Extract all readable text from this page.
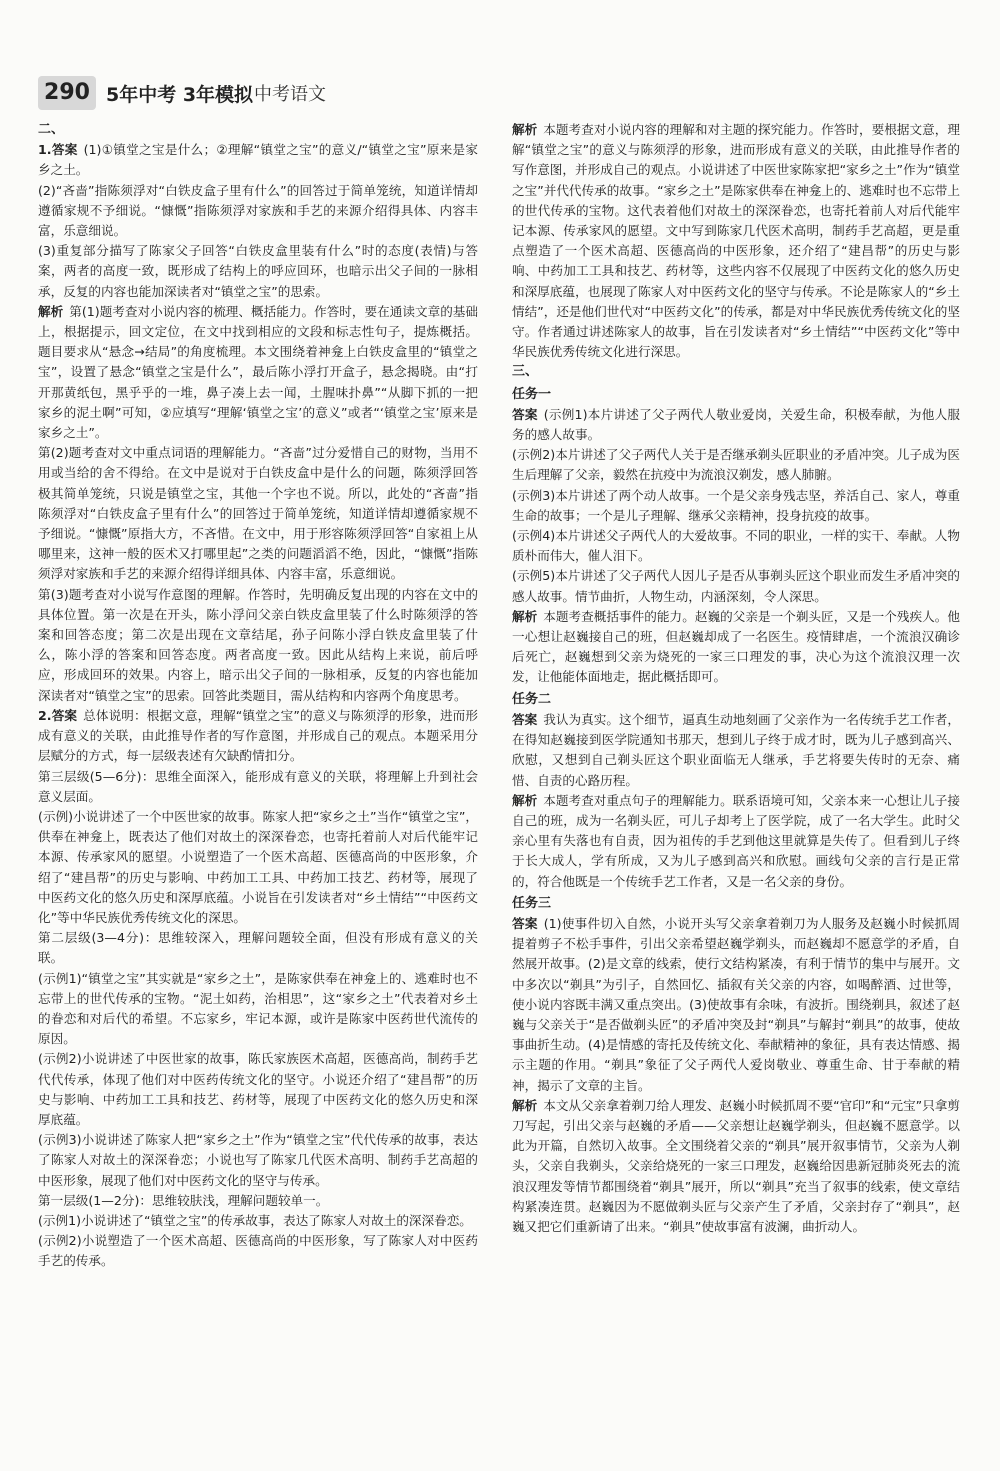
290 5年中考 3年模拟 中考语文

二、

1.答案 (1)①镇堂之宝是什么；②理解“镇堂之宝”的意义/“镇堂之宝”原来是家乡之土。

(2)“吝啬”指陈须浮对“白铁皮盒子里有什么”的回答过于简单笼统，知道详情却遵循家规不予细说。“慷慨”指陈须浮对家族和手艺的来源介绍得具体、内容丰富，乐意细说。

(3)重复部分描写了陈家父子回答“白铁皮盒里装有什么”时的态度(表情)与答案，两者的高度一致，既形成了结构上的呼应回环，也暗示出父子间的一脉相承，反复的内容也能加深读者对“镇堂之宝”的思索。

解析 第(1)题考查对小说内容的梳理、概括能力。作答时，要在通读文章的基础上，根据提示，回文定位，在文中找到相应的文段和标志性句子，提炼概括。题目要求从“悬念→结局”的角度梳理。本文围绕着神龛上白铁皮盒里的“镇堂之宝”，设置了悬念“镇堂之宝是什么”，最后陈小浮打开盒子，悬念揭晓。由“打开那黄纸包，黑乎乎的一堆，鼻子凑上去一闻，土腥味扑鼻”“从脚下抓的一把家乡的泥土啊”可知，②应填写“理解‘镇堂之宝’的意义”或者“‘镇堂之宝’原来是家乡之土”。

第(2)题考查对文中重点词语的理解能力。“吝啬”过分爱惜自己的财物，当用不用或当给的舍不得给。在文中是说对于白铁皮盒中是什么的问题，陈须浮回答极其简单笼统，只说是镇堂之宝，其他一个字也不说。所以，此处的“吝啬”指陈须浮对“白铁皮盒子里有什么”的回答过于简单笼统，知道详情却遵循家规不予细说。“慷慨”原指大方，不吝惜。在文中，用于形容陈须浮回答“自家祖上从哪里来，这神一般的医术又打哪里起”之类的问题滔滔不绝，因此，“慷慨”指陈须浮对家族和手艺的来源介绍得详细具体、内容丰富，乐意细说。

第(3)题考查对小说写作意图的理解。作答时，先明确反复出现的内容在文中的具体位置。第一次是在开头，陈小浮问父亲白铁皮盒里装了什么时陈须浮的答案和回答态度；第二次是出现在文章结尾，孙子问陈小浮白铁皮盒里装了什么，陈小浮的答案和回答态度。两者高度一致。因此从结构上来说，前后呼应，形成回环的效果。内容上，暗示出父子间的一脉相承，反复的内容也能加深读者对“镇堂之宝”的思索。回答此类题目，需从结构和内容两个角度思考。

2.答案 总体说明：根据文意，理解“镇堂之宝”的意义与陈须浮的形象，进而形成有意义的关联，由此推导作者的写作意图，并形成自己的观点。本题采用分层赋分的方式，每一层级表述有欠缺酌情扣分。

第三层级(5—6分)：思维全面深入，能形成有意义的关联，将理解上升到社会意义层面。

(示例)小说讲述了一个中医世家的故事。陈家人把“家乡之土”当作“镇堂之宝”，供奉在神龛上，既表达了他们对故土的深深眷恋，也寄托着前人对后代能牢记本源、传承家风的愿望。小说塑造了一个医术高超、医德高尚的中医形象，介绍了“建昌帮”的历史与影响、中药加工工具、中药加工技艺、药材等，展现了中医药文化的悠久历史和深厚底蕴。小说旨在引发读者对“乡土情结”“中医药文化”等中华民族优秀传统文化的深思。

第二层级(3—4分)：思维较深入，理解问题较全面，但没有形成有意义的关联。

(示例1)“镇堂之宝”其实就是“家乡之土”，是陈家供奉在神龛上的、逃难时也不忘带上的世代传承的宝物。“泥土如药，治相思”，这“家乡之土”代表着对乡土的眷恋和对后代的希望。不忘家乡，牢记本源，或许是陈家中医药世代流传的原因。

(示例2)小说讲述了中医世家的故事，陈氏家族医术高超，医德高尚，制药手艺代代传承，体现了他们对中医药传统文化的坚守。小说还介绍了“建昌帮”的历史与影响、中药加工工具和技艺、药材等，展现了中医药文化的悠久历史和深厚底蕴。

(示例3)小说讲述了陈家人把“家乡之土”作为“镇堂之宝”代代传承的故事，表达了陈家人对故土的深深眷恋；小说也写了陈家几代医术高明、制药手艺高超的中医形象，展现了他们对中医药文化的坚守与传承。

第一层级(1—2分)：思维较肤浅，理解问题较单一。

(示例1)小说讲述了“镇堂之宝”的传承故事，表达了陈家人对故土的深深眷恋。

(示例2)小说塑造了一个医术高超、医德高尚的中医形象，写了陈家人对中医药手艺的传承。

解析 本题考查对小说内容的理解和对主题的探究能力。作答时，要根据文意，理解“镇堂之宝”的意义与陈须浮的形象，进而形成有意义的关联，由此推导作者的写作意图，并形成自己的观点。小说讲述了中医世家陈家把“家乡之土”作为“镇堂之宝”并代代传承的故事。“家乡之土”是陈家供奉在神龛上的、逃难时也不忘带上的世代传承的宝物。这代表着他们对故土的深深眷恋，也寄托着前人对后代能牢记本源、传承家风的愿望。文中写到陈家几代医术高明，制药手艺高超，更是重点塑造了一个医术高超、医德高尚的中医形象，还介绍了“建昌帮”的历史与影响、中药加工工具和技艺、药材等，这些内容不仅展现了中医药文化的悠久历史和深厚底蕴，也展现了陈家人对中医药文化的坚守与传承。不论是陈家人的“乡土情结”，还是他们世代对“中医药文化”的传承，都是对中华民族优秀传统文化的坚守。作者通过讲述陈家人的故事，旨在引发读者对“乡土情结”“中医药文化”等中华民族优秀传统文化进行深思。

三、

任务一

答案 (示例1)本片讲述了父子两代人敬业爱岗，关爱生命，积极奉献，为他人服务的感人故事。

(示例2)本片讲述了父子两代人关于是否继承剃头匠职业的矛盾冲突。儿子成为医生后理解了父亲，毅然在抗疫中为流浪汉剃发，感人肺腑。

(示例3)本片讲述了两个动人故事。一个是父亲身残志坚，养活自己、家人，尊重生命的故事；一个是儿子理解、继承父亲精神，投身抗疫的故事。

(示例4)本片讲述父子两代人的大爱故事。不同的职业，一样的实干、奉献。人物质朴而伟大，催人泪下。

(示例5)本片讲述了父子两代人因儿子是否从事剃头匠这个职业而发生矛盾冲突的感人故事。情节曲折，人物生动，内涵深刻，令人深思。

解析 本题考查概括事件的能力。赵巍的父亲是一个剃头匠，又是一个残疾人。他一心想让赵巍接自己的班，但赵巍却成了一名医生。疫情肆虐，一个流浪汉确诊后死亡，赵巍想到父亲为烧死的一家三口理发的事，决心为这个流浪汉理一次发，让他能体面地走，据此概括即可。

任务二

答案 我认为真实。这个细节，逼真生动地刻画了父亲作为一名传统手艺工作者，在得知赵巍接到医学院通知书那天，想到儿子终于成才时，既为儿子感到高兴、欣慰，又想到自己剃头匠这个职业面临无人继承，手艺将要失传时的无奈、痛惜、自责的心路历程。

解析 本题考查对重点句子的理解能力。联系语境可知，父亲本来一心想让儿子接自己的班，成为一名剃头匠，可儿子却考上了医学院，成了一名大学生。此时父亲心里有失落也有自责，因为祖传的手艺到他这里就算是失传了。但看到儿子终于长大成人，学有所成，又为儿子感到高兴和欣慰。画线句父亲的言行是正常的，符合他既是一个传统手艺工作者，又是一名父亲的身份。

任务三

答案 (1)使事件切入自然，小说开头写父亲拿着剃刀为人服务及赵巍小时候抓周提着剪子不松手事件，引出父亲希望赵巍学剃头，而赵巍却不愿意学的矛盾，自然展开故事。(2)是文章的线索，使行文结构紧凑，有利于情节的集中与展开。文中多次以“剃具”为引子，自然回忆、插叙有关父亲的内容，如喝醉酒、过世等，使小说内容既丰满又重点突出。(3)使故事有余味，有波折。围绕剃具，叙述了赵巍与父亲关于“是否做剃头匠”的矛盾冲突及封“剃具”与解封“剃具”的故事，使故事曲折生动。(4)是情感的寄托及传统文化、奉献精神的象征，具有表达情感、揭示主题的作用。“剃具”象征了父子两代人爱岗敬业、尊重生命、甘于奉献的精神，揭示了文章的主旨。

解析 本文从父亲拿着剃刀给人理发、赵巍小时候抓周不要“官印”和“元宝”只拿剪刀写起，引出父亲与赵巍的矛盾——父亲想让赵巍学剃头，但赵巍不愿意学。以此为开篇，自然切入故事。全文围绕着父亲的“剃具”展开叙事情节，父亲为人剃头，父亲自我剃头，父亲给烧死的一家三口理发，赵巍给因患新冠肺炎死去的流浪汉理发等情节都围绕着“剃具”展开，所以“剃具”充当了叙事的线索，使文章结构紧凑连贯。赵巍因为不愿做剃头匠与父亲产生了矛盾，父亲封存了“剃具”，赵巍又把它们重新请了出来。“剃具”使故事富有波澜，曲折动人。
